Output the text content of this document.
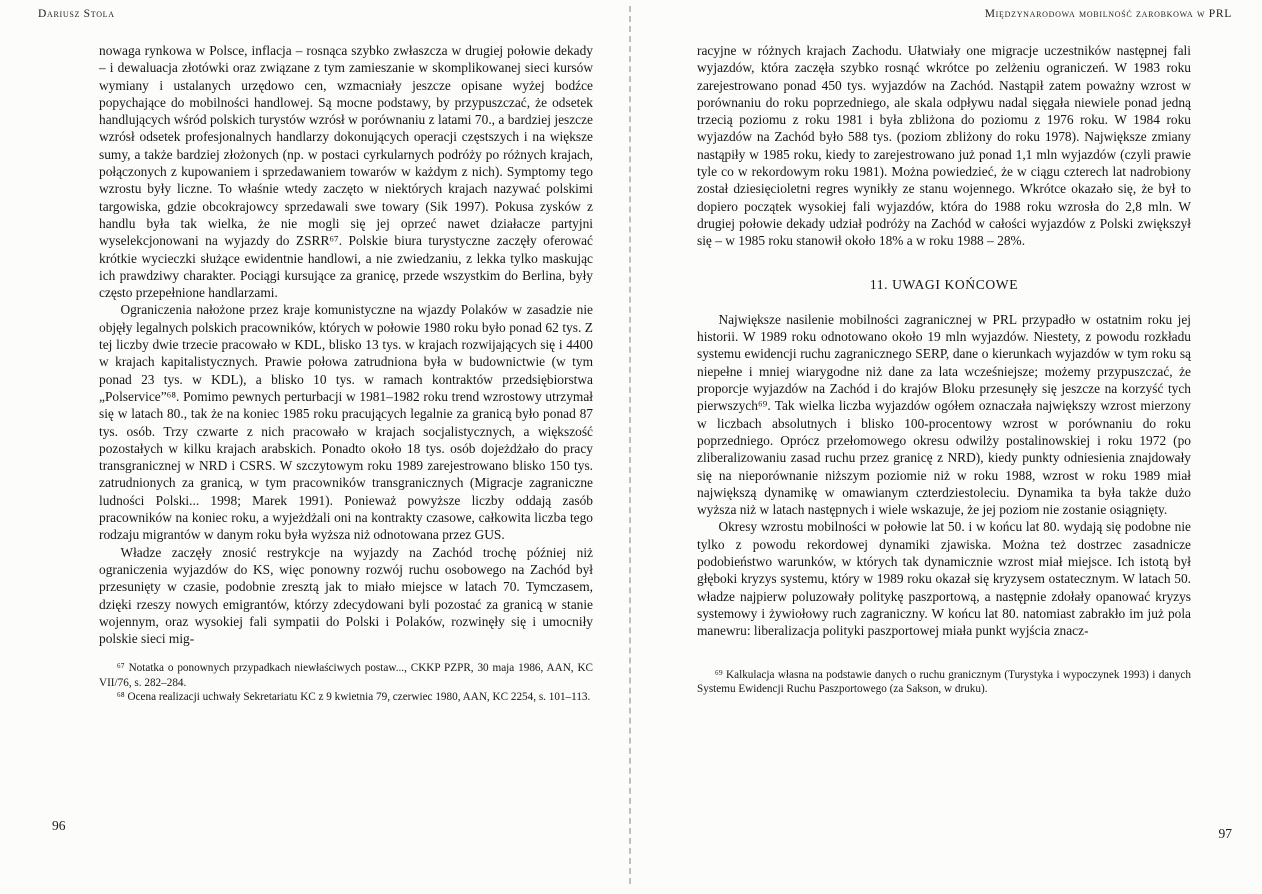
Dariusz Stola

nowaga rynkowa w Polsce, inflacja – rosnąca szybko zwłaszcza w drugiej połowie dekady – i dewaluacja złotówki oraz związane z tym zamieszanie w skomplikowanej sieci kursów wymiany i ustalanych urzędowo cen, wzmacniały jeszcze opisane wyżej bodźce popychające do mobilności handlowej. Są mocne podstawy, by przypuszczać, że odsetek handlujących wśród polskich turystów wzrósł w porównaniu z latami 70., a bardziej jeszcze wzrósł odsetek profesjonalnych handlarzy dokonujących operacji częstszych i na większe sumy, a także bardziej złożonych (np. w postaci cyrkularnych podróży po różnych krajach, połączonych z kupowaniem i sprzedawaniem towarów w każdym z nich). Symptomy tego wzrostu były liczne. To właśnie wtedy zaczęto w niektórych krajach nazywać polskimi targowiska, gdzie obcokrajowcy sprzedawali swe towary (Sik 1997). Pokusa zysków z handlu była tak wielka, że nie mogli się jej oprzeć nawet działacze partyjni wyselekcjonowani na wyjazdy do ZSRR⁶⁷. Polskie biura turystyczne zaczęły oferować krótkie wycieczki służące ewidentnie handlowi, a nie zwiedzaniu, z lekka tylko maskując ich prawdziwy charakter. Pociągi kursujące za granicę, przede wszystkim do Berlina, były często przepełnione handlarzami.

Ograniczenia nałożone przez kraje komunistyczne na wjazdy Polaków w zasadzie nie objęły legalnych polskich pracowników, których w połowie 1980 roku było ponad 62 tys. Z tej liczby dwie trzecie pracowało w KDL, blisko 13 tys. w krajach rozwijających się i 4400 w krajach kapitalistycznych. Prawie połowa zatrudniona była w budownictwie (w tym ponad 23 tys. w KDL), a blisko 10 tys. w ramach kontraktów przedsiębiorstwa „Polservice”⁶⁸. Pomimo pewnych perturbacji w 1981–1982 roku trend wzrostowy utrzymał się w latach 80., tak że na koniec 1985 roku pracujących legalnie za granicą było ponad 87 tys. osób. Trzy czwarte z nich pracowało w krajach socjalistycznych, a większość pozostałych w kilku krajach arabskich. Ponadto około 18 tys. osób dojeżdżało do pracy transgranicznej w NRD i CSRS. W szczytowym roku 1989 zarejestrowano blisko 150 tys. zatrudnionych za granicą, w tym pracowników transgranicznych (Migracje zagraniczne ludności Polski... 1998; Marek 1991). Ponieważ powyższe liczby oddają zasób pracowników na koniec roku, a wyjeżdżali oni na kontrakty czasowe, całkowita liczba tego rodzaju migrantów w danym roku była wyższa niż odnotowana przez GUS.

Władze zaczęły znosić restrykcje na wyjazdy na Zachód trochę później niż ograniczenia wyjazdów do KS, więc ponowny rozwój ruchu osobowego na Zachód był przesunięty w czasie, podobnie zresztą jak to miało miejsce w latach 70. Tymczasem, dzięki rzeszy nowych emigrantów, którzy zdecydowani byli pozostać za granicą w stanie wojennym, oraz wysokiej fali sympatii do Polski i Polaków, rozwinęły się i umocniły polskie sieci mig-

⁶⁷ Notatka o ponownych przypadkach niewłaściwych postaw..., CKKP PZPR, 30 maja 1986, AAN, KC VII/76, s. 282–284.

⁶⁸ Ocena realizacji uchwały Sekretariatu KC z 9 kwietnia 79, czerwiec 1980, AAN, KC 2254, s. 101–113.

96
Międzynarodowa mobilność zarobkowa w PRL

racyjne w różnych krajach Zachodu. Ułatwiały one migracje uczestników następnej fali wyjazdów, która zaczęła szybko rosnąć wkrótce po zelżeniu ograniczeń. W 1983 roku zarejestrowano ponad 450 tys. wyjazdów na Zachód. Nastąpił zatem poważny wzrost w porównaniu do roku poprzedniego, ale skala odpływu nadal sięgała niewiele ponad jedną trzecią poziomu z roku 1981 i była zbliżona do poziomu z 1976 roku. W 1984 roku wyjazdów na Zachód było 588 tys. (poziom zbliżony do roku 1978). Największe zmiany nastąpiły w 1985 roku, kiedy to zarejestrowano już ponad 1,1 mln wyjazdów (czyli prawie tyle co w rekordowym roku 1981). Można powiedzieć, że w ciągu czterech lat nadrobiony został dziesięcioletni regres wynikły ze stanu wojennego. Wkrótce okazało się, że był to dopiero początek wysokiej fali wyjazdów, która do 1988 roku wzrosła do 2,8 mln. W drugiej połowie dekady udział podróży na Zachód w całości wyjazdów z Polski zwiększył się – w 1985 roku stanowił około 18% a w roku 1988 – 28%.

11. UWAGI KOŃCOWE

Największe nasilenie mobilności zagranicznej w PRL przypadło w ostatnim roku jej historii. W 1989 roku odnotowano około 19 mln wyjazdów. Niestety, z powodu rozkładu systemu ewidencji ruchu zagranicznego SERP, dane o kierunkach wyjazdów w tym roku są niepełne i mniej wiarygodne niż dane za lata wcześniejsze; możemy przypuszczać, że proporcje wyjazdów na Zachód i do krajów Bloku przesunęły się jeszcze na korzyść tych pierwszych⁶⁹. Tak wielka liczba wyjazdów ogółem oznaczała największy wzrost mierzony w liczbach absolutnych i blisko 100-procentowy wzrost w porównaniu do roku poprzedniego. Oprócz przełomowego okresu odwilży postalinowskiej i roku 1972 (po zliberalizowaniu zasad ruchu przez granicę z NRD), kiedy punkty odniesienia znajdowały się na nieporównanie niższym poziomie niż w roku 1988, wzrost w roku 1989 miał największą dynamikę w omawianym czterdziestoleciu. Dynamika ta była także dużo wyższa niż w latach następnych i wiele wskazuje, że jej poziom nie zostanie osiągnięty.

Okresy wzrostu mobilności w połowie lat 50. i w końcu lat 80. wydają się podobne nie tylko z powodu rekordowej dynamiki zjawiska. Można też dostrzec zasadnicze podobieństwo warunków, w których tak dynamicznie wzrost miał miejsce. Ich istotą był głęboki kryzys systemu, który w 1989 roku okazał się kryzysem ostatecznym. W latach 50. władze najpierw poluzowały politykę paszportową, a następnie zdołały opanować kryzys systemowy i żywiołowy ruch zagraniczny. W końcu lat 80. natomiast zabrakło im już pola manewru: liberalizacja polityki paszportowej miała punkt wyjścia znacz-

⁶⁹ Kalkulacja własna na podstawie danych o ruchu granicznym (Turystyka i wypoczynek 1993) i danych Systemu Ewidencji Ruchu Paszportowego (za Sakson, w druku).

97
